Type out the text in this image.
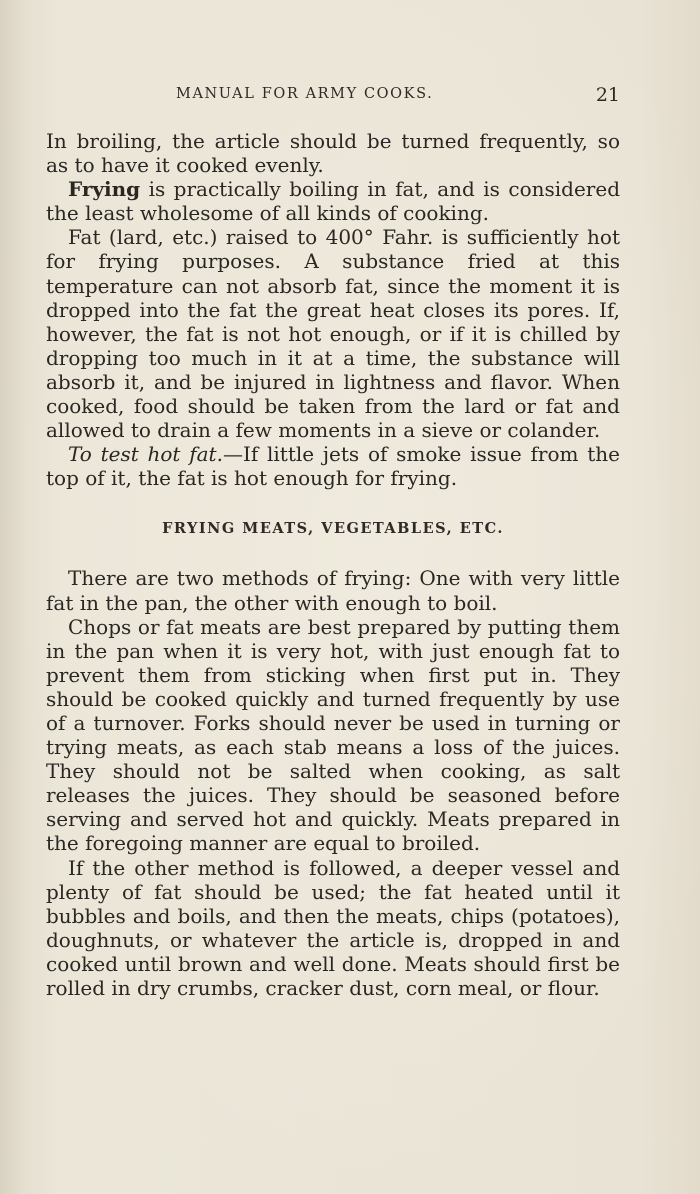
MANUAL FOR ARMY COOKS.	21

In broiling, the article should be turned frequently, so as to have it cooked evenly.

Frying is practically boiling in fat, and is considered the least wholesome of all kinds of cooking.

Fat (lard, etc.) raised to 400° Fahr. is sufficiently hot for frying purposes. A substance fried at this temperature can not absorb fat, since the moment it is dropped into the fat the great heat closes its pores. If, however, the fat is not hot enough, or if it is chilled by dropping too much in it at a time, the substance will absorb it, and be injured in lightness and flavor. When cooked, food should be taken from the lard or fat and allowed to drain a few moments in a sieve or colander.

To test hot fat.—If little jets of smoke issue from the top of it, the fat is hot enough for frying.

FRYING MEATS, VEGETABLES, ETC.

There are two methods of frying: One with very little fat in the pan, the other with enough to boil.

Chops or fat meats are best prepared by putting them in the pan when it is very hot, with just enough fat to prevent them from sticking when first put in. They should be cooked quickly and turned frequently by use of a turnover. Forks should never be used in turning or trying meats, as each stab means a loss of the juices. They should not be salted when cooking, as salt releases the juices. They should be seasoned before serving and served hot and quickly. Meats prepared in the foregoing manner are equal to broiled.

If the other method is followed, a deeper vessel and plenty of fat should be used; the fat heated until it bubbles and boils, and then the meats, chips (potatoes), doughnuts, or whatever the article is, dropped in and cooked until brown and well done. Meats should first be rolled in dry crumbs, cracker dust, corn meal, or flour.
